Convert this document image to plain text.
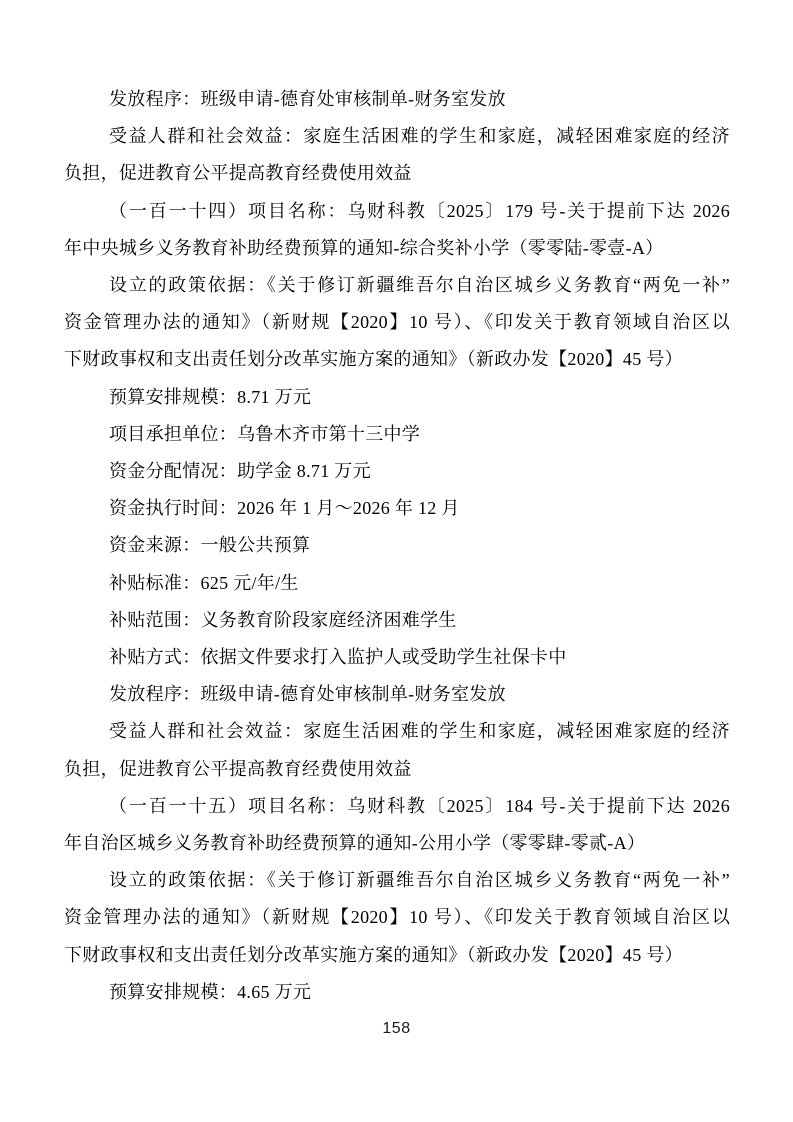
发放程序：班级申请-德育处审核制单-财务室发放
受益人群和社会效益：家庭生活困难的学生和家庭，减轻困难家庭的经济
负担，促进教育公平提高教育经费使用效益
（一百一十四）项目名称：乌财科教〔2025〕179 号-关于提前下达 2026
年中央城乡义务教育补助经费预算的通知-综合奖补小学（零零陆-零壹-A）
设立的政策依据：《关于修订新疆维吾尔自治区城乡义务教育“两免一补”
资金管理办法的通知》（新财规【2020】10 号）、《印发关于教育领域自治区以
下财政事权和支出责任划分改革实施方案的通知》（新政办发【2020】45 号）
预算安排规模：8.71 万元
项目承担单位：乌鲁木齐市第十三中学
资金分配情况：助学金 8.71 万元
资金执行时间：2026 年 1 月～2026 年 12 月
资金来源：一般公共预算
补贴标准：625 元/年/生
补贴范围：义务教育阶段家庭经济困难学生
补贴方式：依据文件要求打入监护人或受助学生社保卡中
发放程序：班级申请-德育处审核制单-财务室发放
受益人群和社会效益：家庭生活困难的学生和家庭，减轻困难家庭的经济
负担，促进教育公平提高教育经费使用效益
（一百一十五）项目名称：乌财科教〔2025〕184 号-关于提前下达 2026
年自治区城乡义务教育补助经费预算的通知-公用小学（零零肆-零贰-A）
设立的政策依据：《关于修订新疆维吾尔自治区城乡义务教育“两免一补”
资金管理办法的通知》（新财规【2020】10 号）、《印发关于教育领域自治区以
下财政事权和支出责任划分改革实施方案的通知》（新政办发【2020】45 号）
预算安排规模：4.65 万元
158
